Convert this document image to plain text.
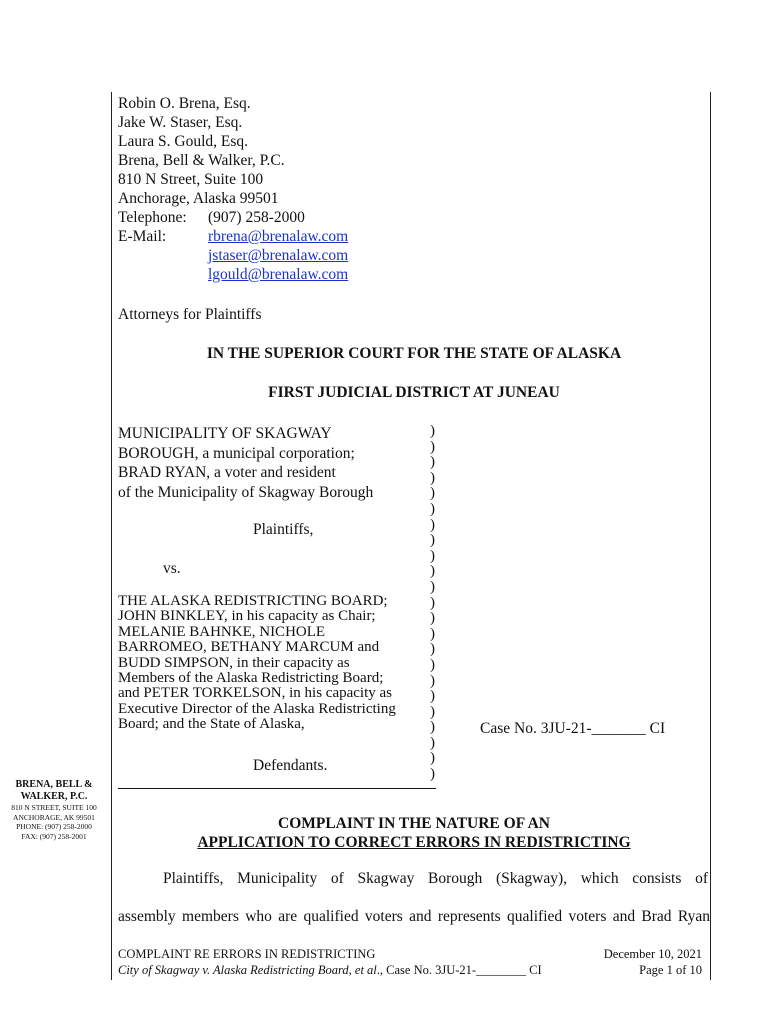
Robin O. Brena, Esq.
Jake W. Staser, Esq.
Laura S. Gould, Esq.
Brena, Bell & Walker, P.C.
810 N Street, Suite 100
Anchorage, Alaska 99501
Telephone: (907) 258-2000
E-Mail:	rbrena@brenalaw.com
jstaser@brenalaw.com
lgould@brenalaw.com
Attorneys for Plaintiffs
IN THE SUPERIOR COURT FOR THE STATE OF ALASKA
FIRST JUDICIAL DISTRICT AT JUNEAU
MUNICIPALITY OF SKAGWAY
BOROUGH, a municipal corporation;
BRAD RYAN, a voter and resident
of the Municipality of Skagway Borough
Plaintiffs,
vs.
THE ALASKA REDISTRICTING BOARD;
JOHN BINKLEY, in his capacity as Chair;
MELANIE BAHNKE, NICHOLE
BARROMEO, BETHANY MARCUM and
BUDD SIMPSON, in their capacity as
Members of the Alaska Redistricting Board;
and PETER TORKELSON, in his capacity as
Executive Director of the Alaska Redistricting
Board; and the State of Alaska,
Defendants.
)
)
)
)
)
)
)
)
)
)
)
)
)
)
)
)
)
)
)
)
)
)
)
Case No. 3JU-21-_______ CI
BRENA, BELL &
WALKER, P.C.
810 N STREET, SUITE 100
ANCHORAGE, AK 99501
PHONE: (907) 258-2000
FAX: (907) 258-2001
COMPLAINT IN THE NATURE OF AN
APPLICATION TO CORRECT ERRORS IN REDISTRICTING
Plaintiffs, Municipality of Skagway Borough (Skagway), which consists of
assembly members who are qualified voters and represents qualified voters and Brad Ryan
COMPLAINT RE ERRORS IN REDISTRICTING	December 10, 2021
City of Skagway v. Alaska Redistricting Board, et al., Case No. 3JU-21-________ CI	Page 1 of 10
